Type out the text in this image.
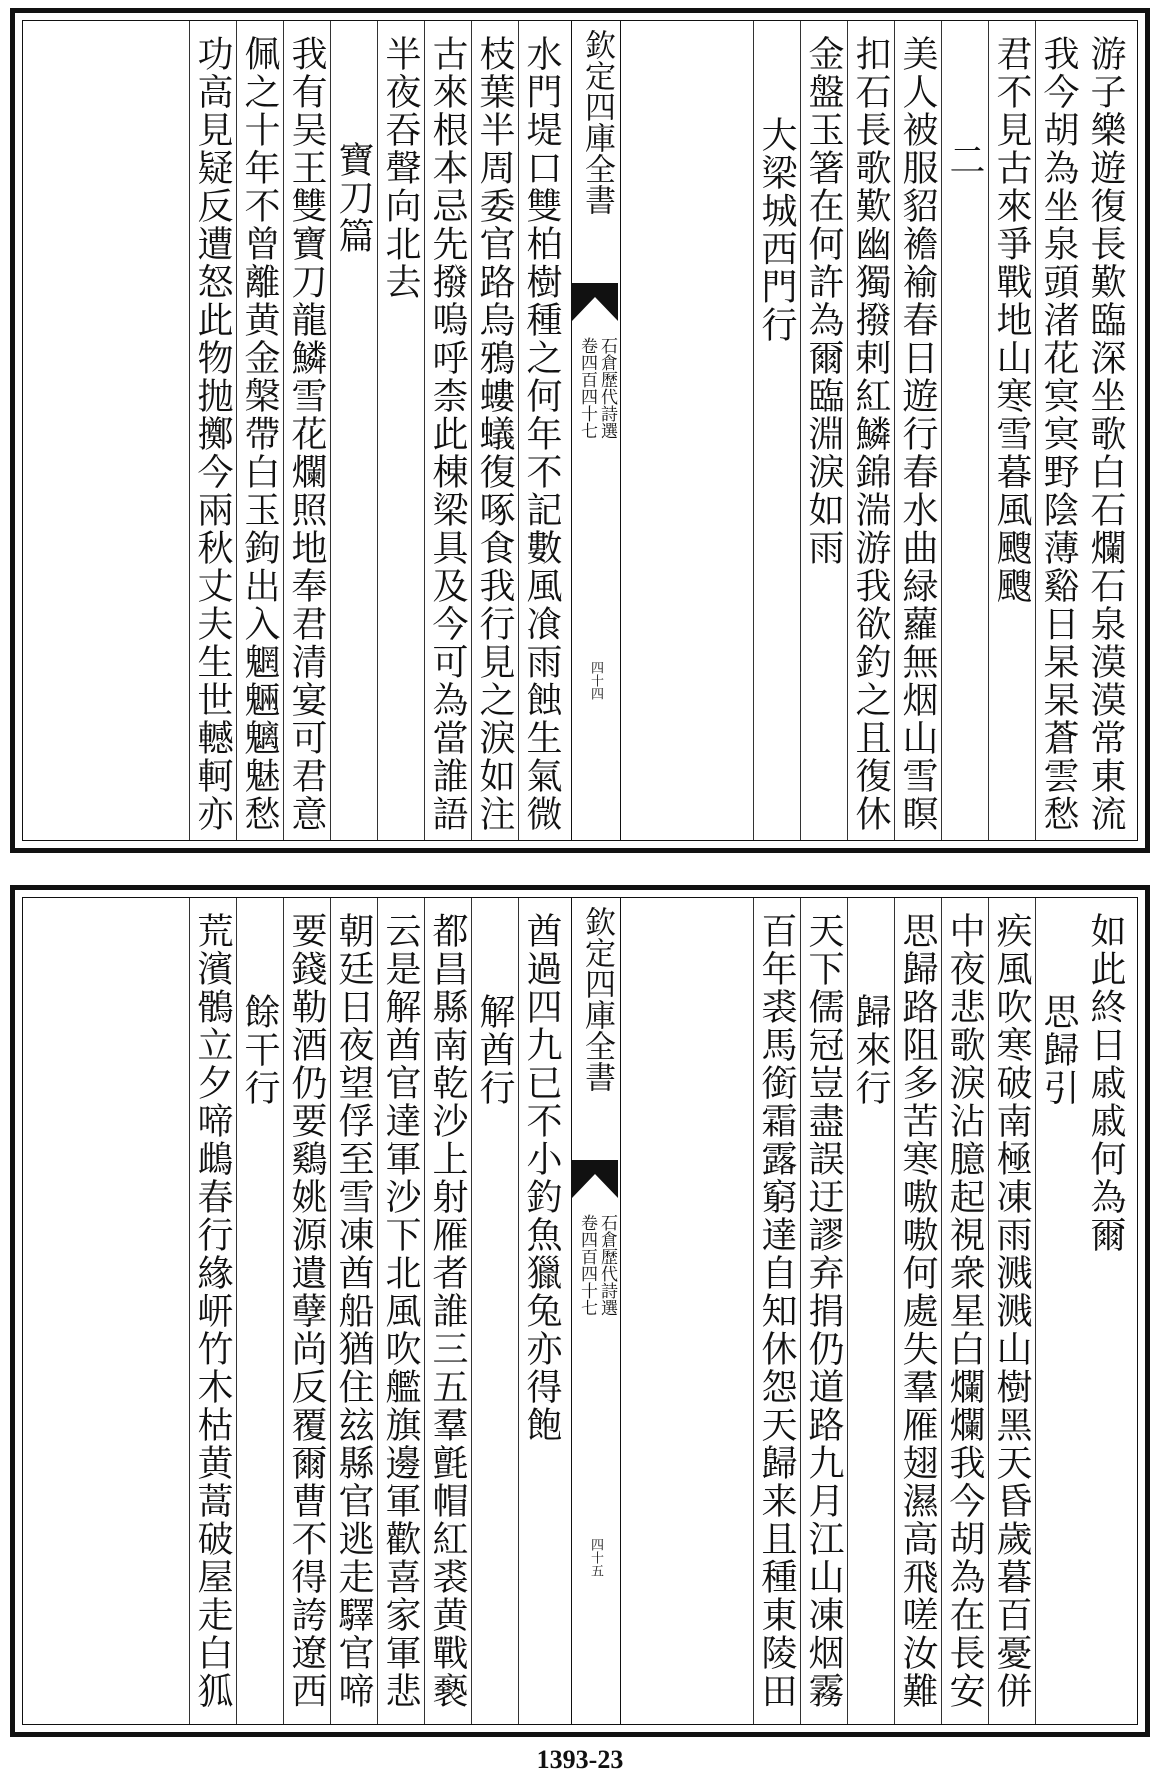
游子樂遊復長歎臨深坐歌白石爛石泉漠漠常東流
我今胡為坐泉頭渚花㝠㝠野陰薄谿日杲杲蒼雲愁
君不見古來爭戰地山寒雪暮風颼颼
二
美人被服貂襜褕春日遊行春水曲緑蘿無烟山雪瞑
扣石長歌歎幽獨撥剌紅鱗錦湍游我欲釣之且復休
金盤玉箸在何許為爾臨淵淚如雨
大梁城西門行
欽定四庫全書
石倉歷代詩選
卷四百四十七
四十四
水門堤口雙柏樹種之何年不記數風飡雨蝕生氣微
枝葉半周委官路烏鴉螻蟻復啄食我行見之淚如注
古來根本忌先撥嗚呼柰此棟梁具及今可為當誰語
半夜吞聲向北去
寶刀篇
我有吴王雙寶刀龍鱗雪花爛照地奉君清宴可君意
佩之十年不曾離黄金槃帶白玉鉤出入魍魎魑魅愁
功高見疑反遭怒此物抛擲今兩秋丈夫生世轗軻亦
如此終日戚戚何為爾
思歸引
疾風吹寒破南極凍雨溅溅山樹黑天昏歲暮百憂併
中夜悲歌淚沾臆起視衆星白爛爛我今胡為在長安
思歸路阻多苦寒嗷嗷何處失羣雁翅濕高飛嗟汝難
歸來行
天下儒冠豈盡誤迂謬弃捐仍道路九月江山凍烟霧
百年裘馬銜霜露窮達自知休怨天歸来且種東陵田
欽定四庫全書
石倉歷代詩選
卷四百四十七
四十五
酋過四九已不小釣魚獵兔亦得飽
解酋行
都昌縣南乾沙上射雁者誰三五羣氈帽紅裘黄戰褻
云是解酋官達軍沙下北風吹艦旗邊軍歡喜家軍悲
朝廷日夜望俘至雪凍酋船猶住玆縣官逃走驛官啼
要錢勒酒仍要鷄姚源遺孽尚反覆爾曹不得誇遼西
餘干行
荒濱鶻立夕啼䳄春行緣岍竹木枯黄蒿破屋走白狐
1393-23
